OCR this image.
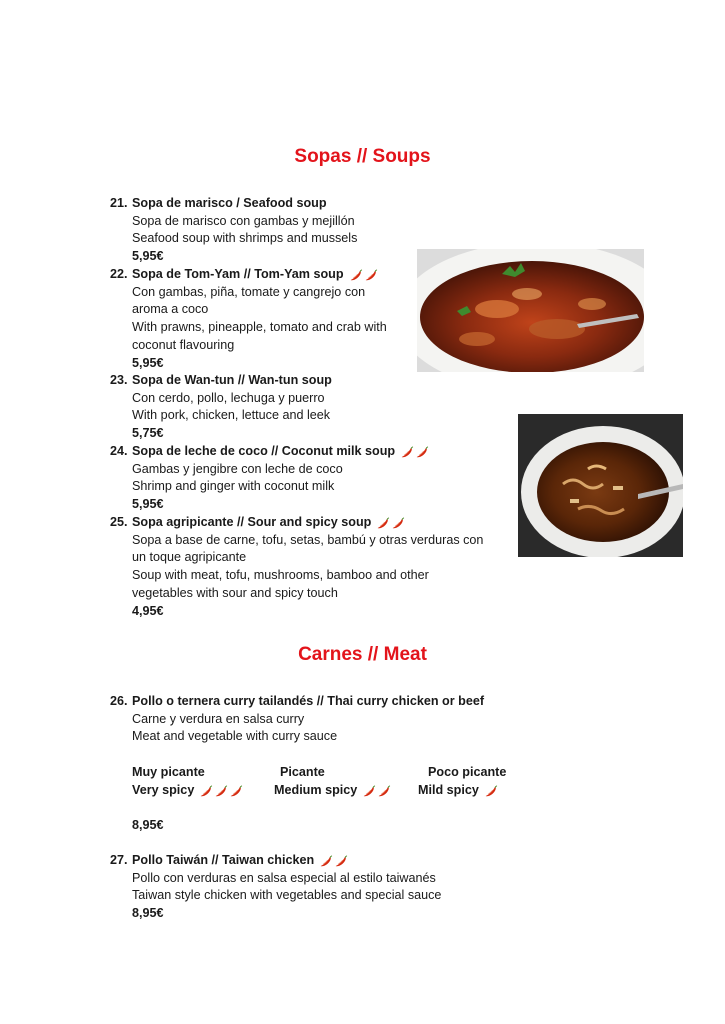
Sopas // Soups
21. Sopa de marisco / Seafood soup
Sopa de marisco con gambas y mejillón
Seafood soup with shrimps and mussels
5,95€
22. Sopa de Tom-Yam // Tom-Yam soup
Con gambas, piña, tomate y cangrejo con
aroma a coco
With prawns, pineapple, tomato and crab with
coconut flavouring
5,95€
23. Sopa de Wan-tun // Wan-tun soup
Con cerdo, pollo, lechuga y puerro
With pork, chicken, lettuce and leek
5,75€
24. Sopa de leche de coco // Coconut milk soup
Gambas y jengibre con leche de coco
Shrimp and ginger with coconut milk
5,95€
25. Sopa agripicante // Sour and spicy soup
Sopa a base de carne, tofu, setas, bambú y otras verduras con
un toque agripicante
Soup with meat, tofu, mushrooms, bamboo and other
vegetables with sour and spicy touch
4,95€
Carnes // Meat
26. Pollo o ternera curry tailandés // Thai curry chicken or beef
Carne y verdura en salsa curry
Meat and vegetable with curry sauce
Muy picante	Picante	Poco picante
Very spicy	Medium spicy	Mild spicy
8,95€
27. Pollo Taiwán // Taiwan chicken
Pollo con verduras en salsa especial al estilo taiwanés
Taiwan style chicken with vegetables and special sauce
8,95€
